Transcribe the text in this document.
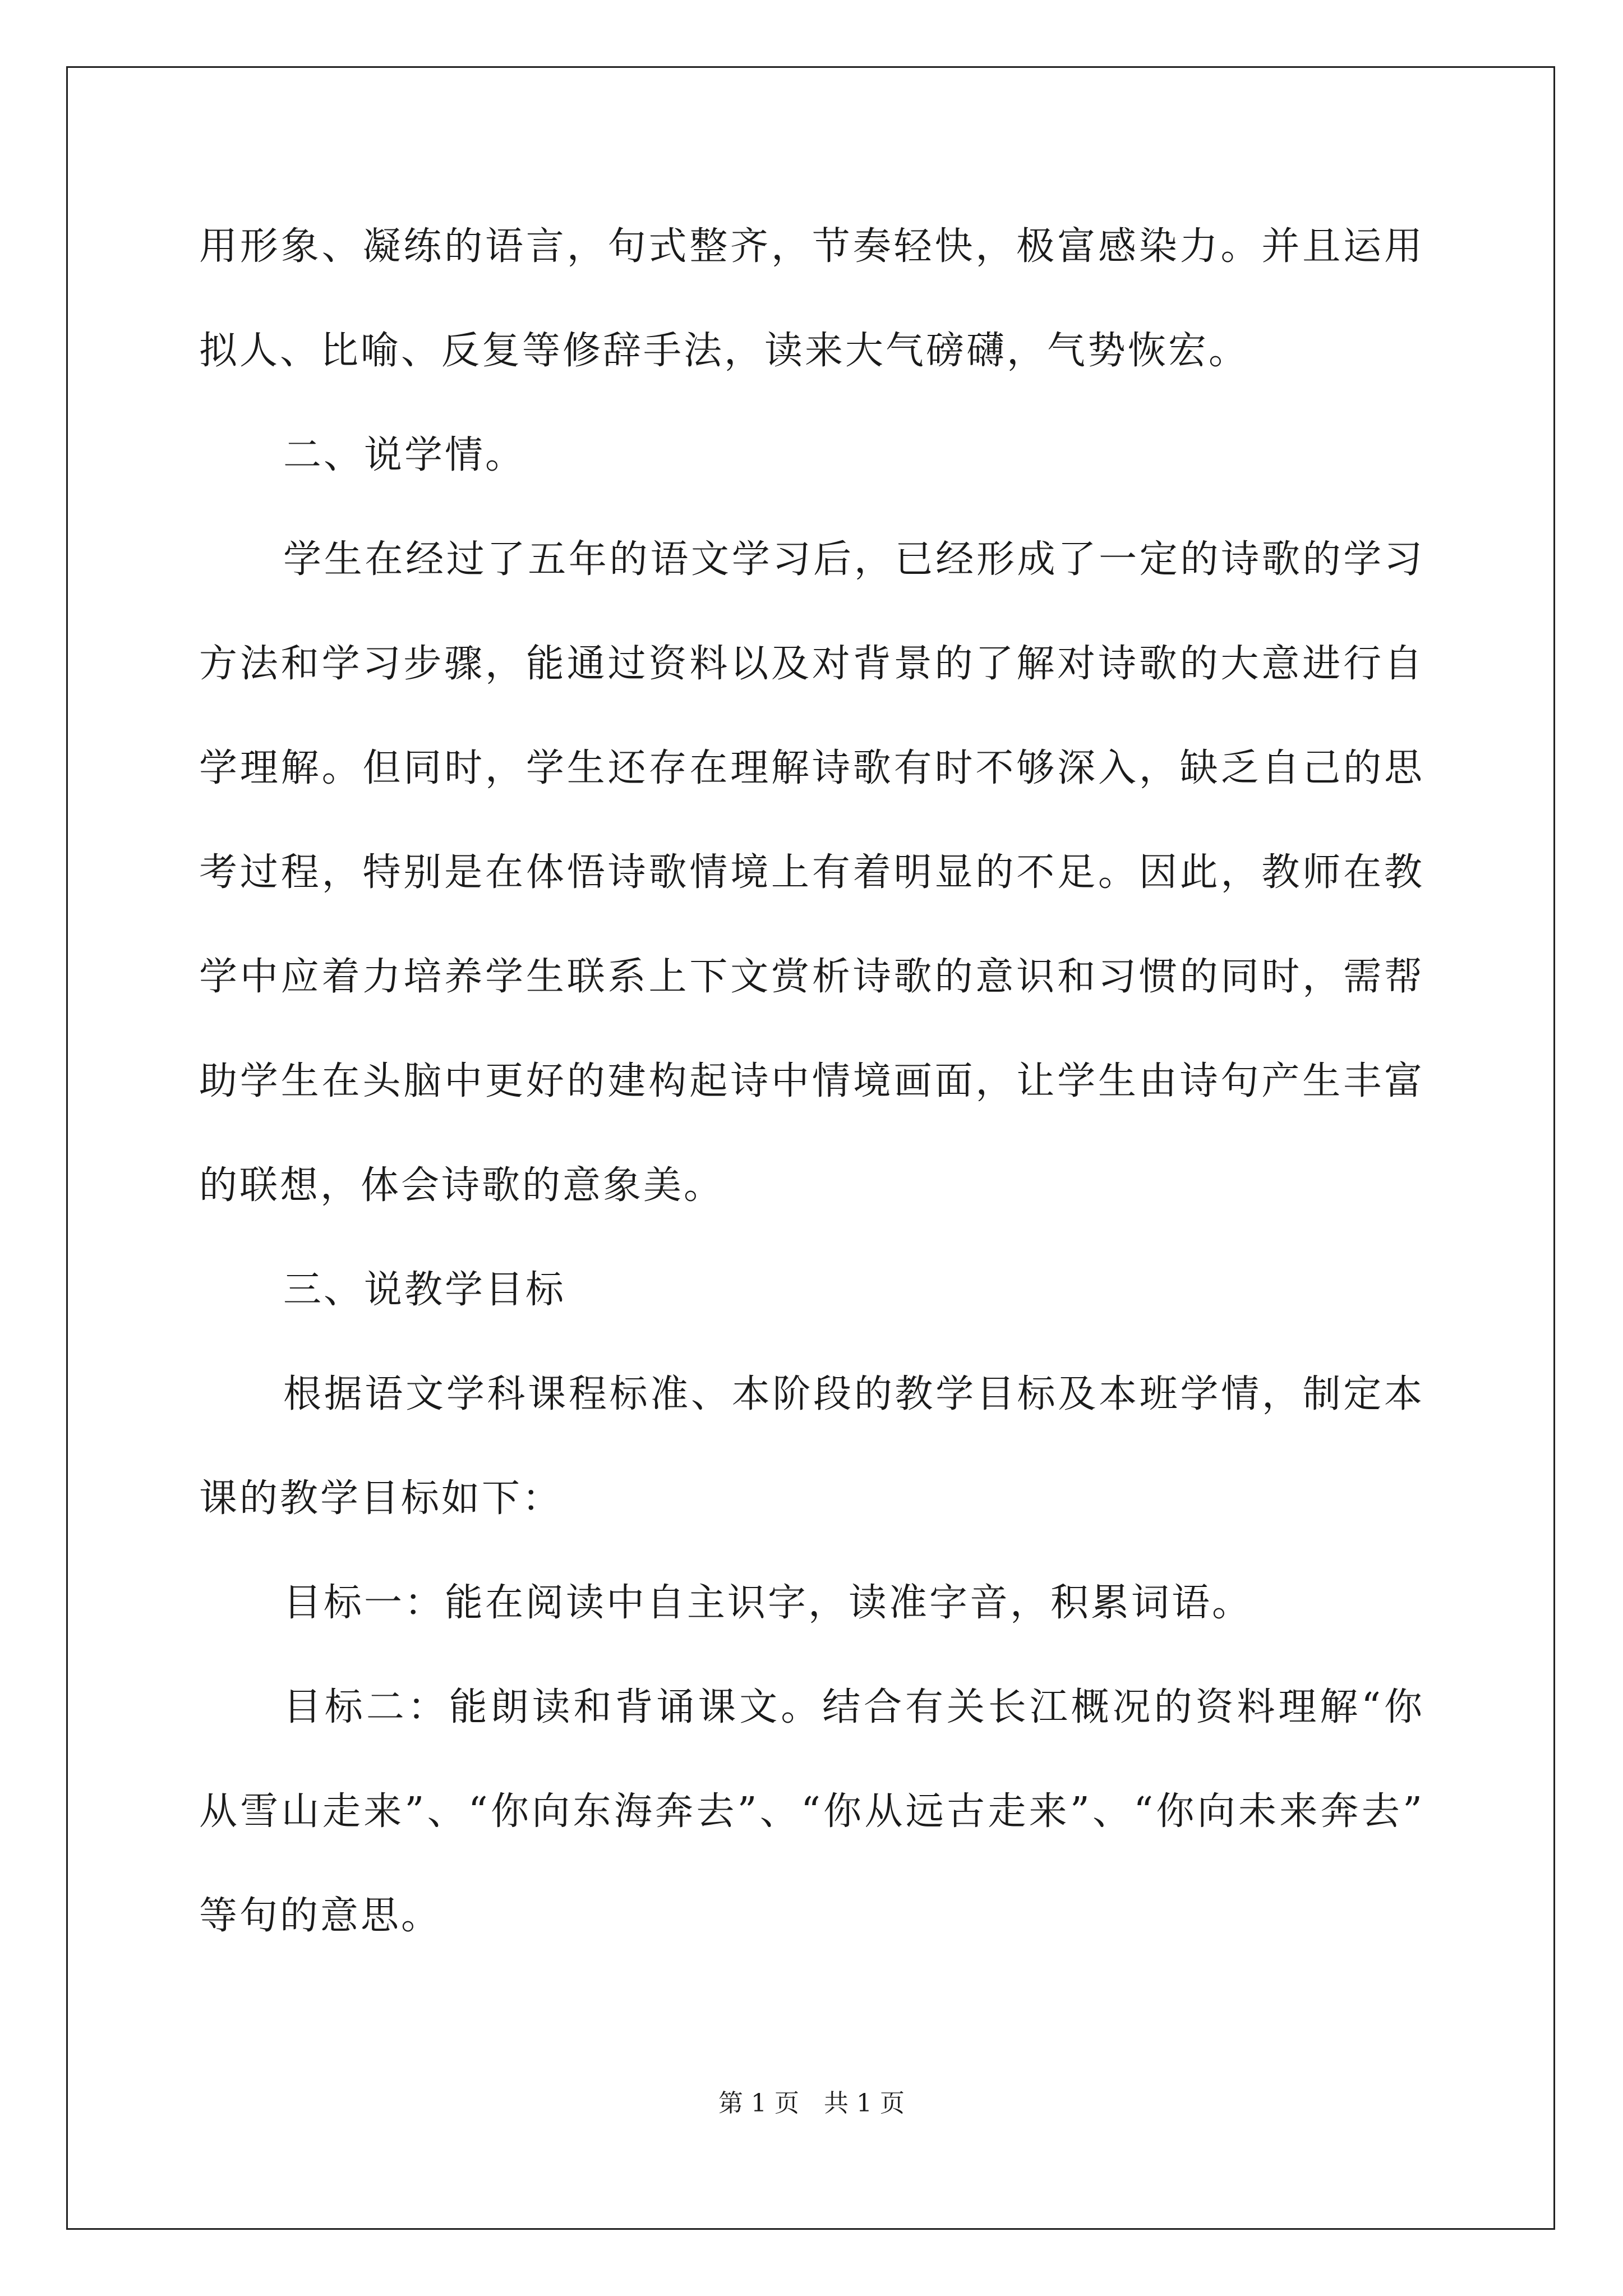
用形象、凝练的语言，句式整齐，节奏轻快，极富感染力。并且运用
拟人、比喻、反复等修辞手法，读来大气磅礴，气势恢宏。
二、说学情。
学生在经过了五年的语文学习后，已经形成了一定的诗歌的学习
方法和学习步骤，能通过资料以及对背景的了解对诗歌的大意进行自
学理解。但同时，学生还存在理解诗歌有时不够深入，缺乏自己的思
考过程，特别是在体悟诗歌情境上有着明显的不足。因此，教师在教
学中应着力培养学生联系上下文赏析诗歌的意识和习惯的同时，需帮
助学生在头脑中更好的建构起诗中情境画面，让学生由诗句产生丰富
的联想，体会诗歌的意象美。
三、说教学目标
根据语文学科课程标准、本阶段的教学目标及本班学情，制定本
课的教学目标如下：
目标一：能在阅读中自主识字，读准字音，积累词语。
目标二：能朗读和背诵课文。结合有关长江概况的资料理解“你
从雪山走来”、“你向东海奔去”、“你从远古走来”、“你向未来奔去”
等句的意思。
第 1 页　共 1 页
